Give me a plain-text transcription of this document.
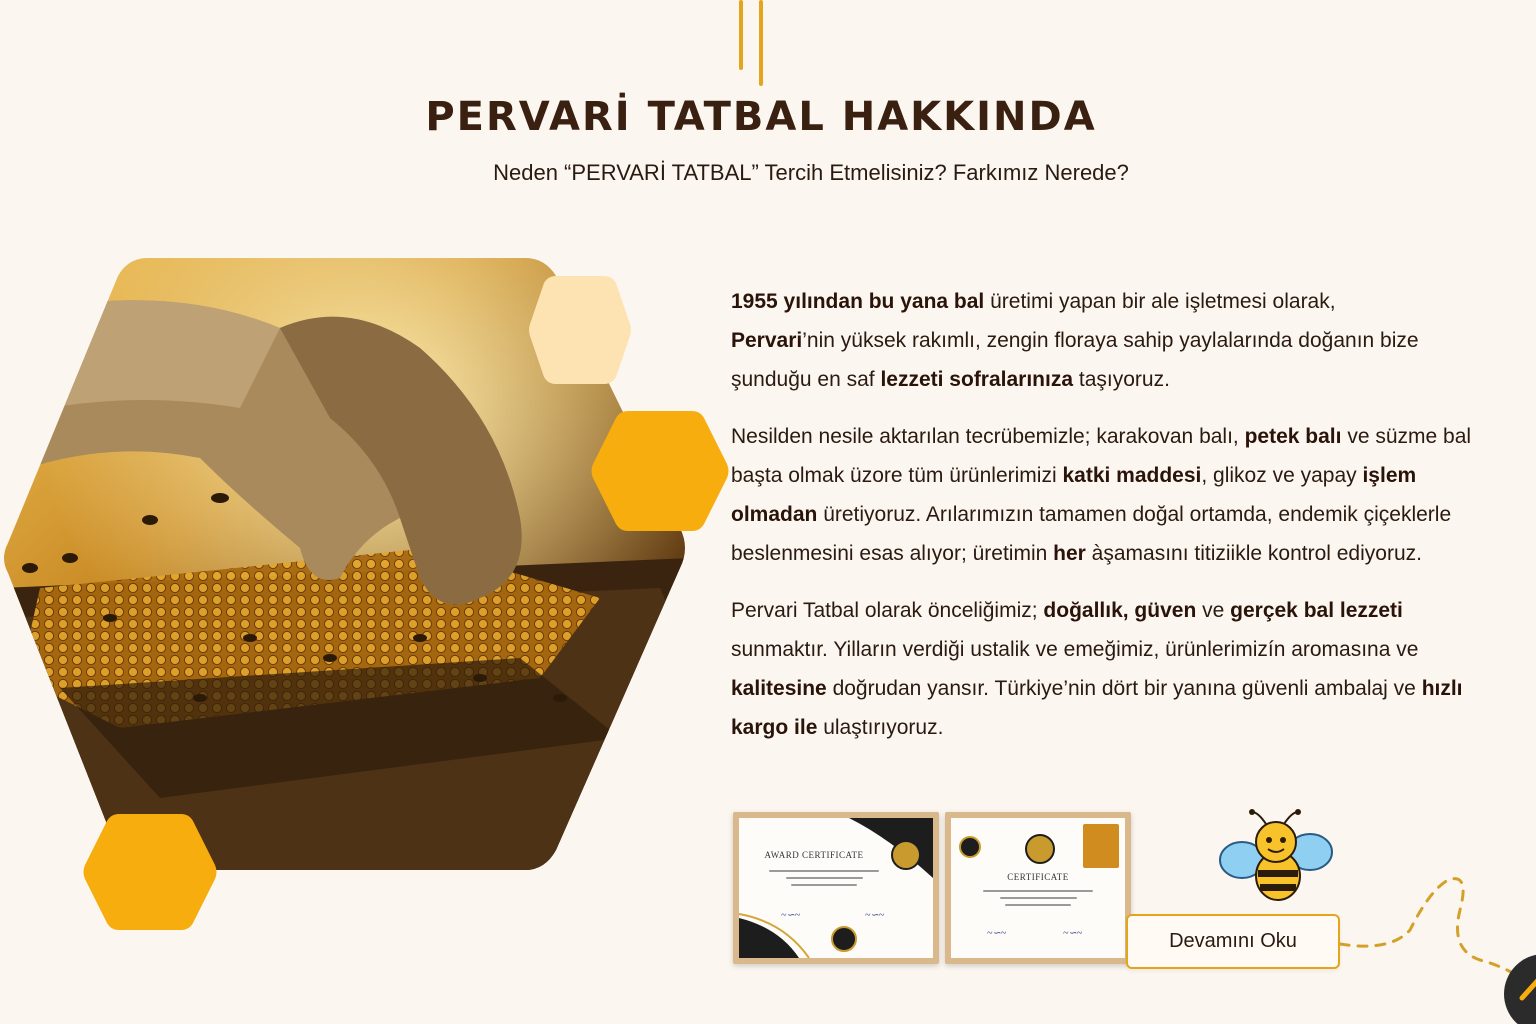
PERVARİ TATBAL HAKKINDA
Neden “PERVARİ TATBAL” Tercih Etmelisiniz? Farkımız Nerede?

1955 yılından bu yana bal üretimi yapan bir ale işletmesi olarak,
Pervari’nin yüksek rakımlı, zengin floraya sahip yaylalarında doğanın bize şunduğu en saf lezzeti sofralarınıza taşıyoruz.

Nesilden nesile aktarılan tecrübemizle; karakovan balı, petek balı ve süzme bal başta olmak üzore tüm ürünlerimizi katki maddesi, glikoz ve yapay işlem olmadan üretiyoruz. Arılarımızın tamamen doğal ortamda, endemik çiçeklerle beslenmesini esas alıyor; üretimin her àşamasını titiziikle kontrol ediyoruz.

Pervari Tatbal olarak önceliğimiz; doğallık, güven ve gerçek bal lezzeti sunmaktır. Yilların verdiği ustalik ve emeğimiz, ürünlerimizín aromasına ve kalitesine doğrudan yansır. Türkiye’nin dört bir yanına güvenli ambalaj ve hızlı kargo ile ulaştırıyoruz.

AWARD CERTIFICATE
~∽~	~∽~
CERTIFICATE
~∽~	~∽~	Devamını Oku
